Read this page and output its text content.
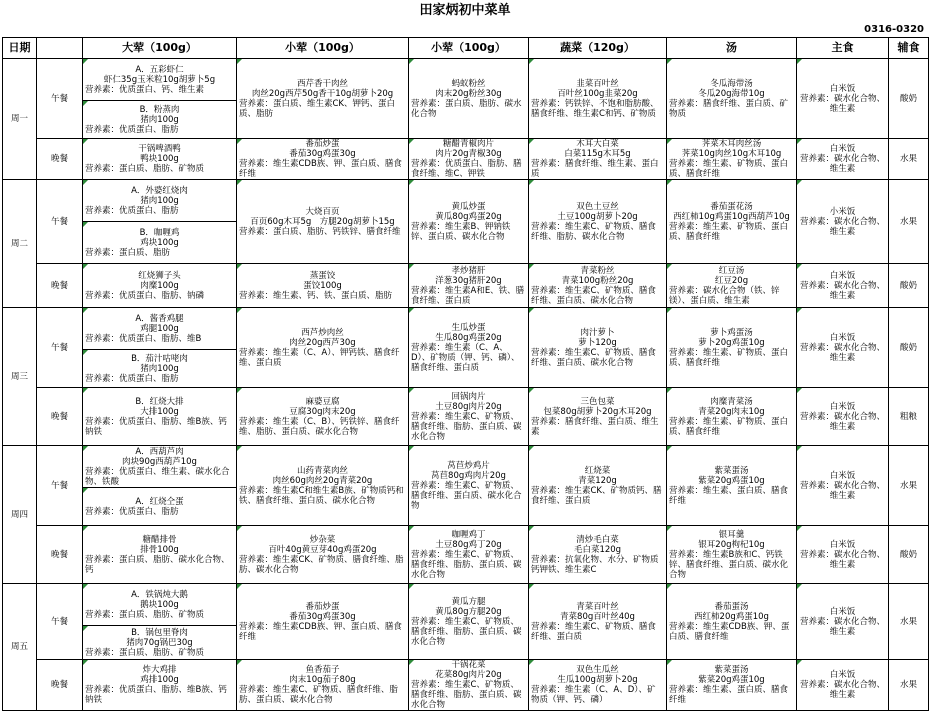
田家炳初中菜单
0316-0320
日期		大荤（100g）	小荤（100g）	小荤（100g）	蔬菜（120g）	汤	主食	辅食
周一	午餐	A．五彩虾仁
虾仁35g玉米粒10g胡萝卜5g
营养素：优质蛋白、钙、维生素	西芹香干肉丝
肉丝20g西芹50g香干10g胡萝卜20g
营养素：蛋白质、维生素CK、钾钙、蛋白质、脂肪	蚂蚁粉丝
肉末20g粉丝30g
营养素：蛋白质、脂肪、碳水化合物	韭菜百叶丝
百叶丝100g韭菜20g
营养素：钙铁锌、不饱和脂肪酸、膳食纤维、维生素C和钙、矿物质	冬瓜海带汤
冬瓜20g海带10g
营养素：膳食纤维、蛋白质、矿物质	白米饭
营养素：碳水化合物、维生素	酸奶

		B．粉蒸肉
猪肉100g
营养素：优质蛋白、脂肪						

	晚餐	干锅啤酒鸭
鸭块100g
营养素：蛋白质、脂肪、矿物质	番茄炒蛋
番茄30g鸡蛋30g
营养素：维生素CDB族、钾、蛋白质、膳食纤维	糖醋青椒肉片
肉片20g青椒30g
营养素：优质蛋白、脂肪、膳食纤维、维C、钾铁	木耳大白菜
白菜115g木耳5g
营养素：膳食纤维、维生素、蛋白质	荠菜木耳肉丝汤
荠菜10g肉丝10g木耳10g
营养素：维生素、矿物质、蛋白质、膳食纤维	白米饭
营养素：碳水化合物、维生素	水果
周二	午餐	A．外婆红烧肉
猪肉100g
营养素：优质蛋白、脂肪	大烧百页
百页60g木耳5g　方腿20g胡萝卜15g
营养素：蛋白质、脂肪、钙铁锌、膳食纤维	黄瓜炒蛋
黄瓜80g鸡蛋20g
营养素：维生素B、钾钠铁锌、蛋白质、碳水化合物	双色土豆丝
土豆100g胡萝卜20g
营养素：维生素C、矿物质、膳食纤维、脂肪、碳水化合物	番茄蛋花汤
西红柿10g鸡蛋10g西葫芦10g
营养素：维生素、矿物质、蛋白质、膳食纤维	小米饭
营养素：碳水化合物、维生素	水果

		B．咖喱鸡
鸡块100g
营养素：蛋白质、脂肪						

	晚餐	红烧狮子头
肉糜100g
营养素：优质蛋白、脂肪、钠磷	蒸蛋饺
蛋饺100g
营养素：维生素、钙、铁、蛋白质、脂肪	孝炒猪肝
洋葱30g猪肝20g
营养素：维生素A和E、铁、膳食纤维、蛋白质	青菜粉丝
青菜100g粉丝20g
营养素：维生素C、矿物质、膳食纤维、蛋白质、碳水化合物	红豆汤
红豆20g
营养素：碳水化合物（铁、锌镁）、蛋白质、维生素	白米饭
营养素：碳水化合物、维生素	酸奶
周三	午餐	A．酱香鸡腿
鸡腿100g
营养素：优质蛋白、脂肪、维B	西芦炒肉丝
肉丝20g西芦30g
营养素：维生素（C、A）、钾钙铁、膳食纤维、蛋白质	生瓜炒蛋
生瓜80g鸡蛋20g
营养素：维生素（C、A、D）、矿物质（钾、钙、磷）、膳食纤维、蛋白质	肉汁萝卜
萝卜120g
营养素：维生素C、矿物质、膳食纤维、蛋白质、碳水化合物	萝卜鸡蛋汤
萝卜20g鸡蛋10g
营养素：维生素、矿物质、蛋白质、膳食纤维	白米饭
营养素：碳水化合物、维生素	酸奶

		B．茄汁咕咾肉
猪肉100g
营养素：优质蛋白、脂肪						

	晚餐	B．红烧大排
大排100g
营养素：优质蛋白、脂肪、维B族、钙钠铁	麻婆豆腐
豆腐30g肉末20g
营养素：维生素（C、B）、钙铁锌、膳食纤维、脂肪、蛋白质、碳水化合物	回锅肉片
土豆80g肉片20g
营养素：维生素C、矿物质、膳食纤维、脂肪、蛋白质、碳水化合物	三色包菜
包菜80g胡萝卜20g木耳20g
营养素：膳食纤维、蛋白质、维生素	肉糜青菜汤
青菜20g肉末10g
营养素：维生素、矿物质、蛋白质、膳食纤维	白米饭
营养素：碳水化合物、维生素	粗粮
周四	午餐	A．西葫芦肉
肉块90g西葫芦10g
营养素：优质蛋白、维生素、碳水化合物、铁酸	山药青菜肉丝
肉丝60g肉丝20g青菜20g
营养素：维生素C和维生素B族、矿物质钙和铁、膳食纤维、蛋白质、碳水化合物	莴苣炒鸡片
莴苣80g鸡肉片20g
营养素：维生素C、矿物质、膳食纤维、蛋白质、碳水化合物	红烧菜
青菜120g
营养素：维生素CK、矿物质钙、膳食纤维、蛋白质	紫菜蛋汤
紫菜20g鸡蛋10g
营养素：维生素、蛋白质、膳食纤维	白米饭
营养素：碳水化合物、维生素	水果

		A．红烧仝蛋
营养素：优质蛋白、脂肪						

	晚餐	糖醋排骨
排骨100g
营养素：蛋白质、脂肪、碳水化合物、钙	炒杂菜
百叶40g黄豆芽40g鸡蛋20g
营养素：维生素CK、矿物质、膳食纤维、脂肪、碳水化合物	咖喱鸡丁
土豆80g鸡丁20g
营养素：维生素C、矿物质、膳食纤维、脂肪、蛋白质、碳水化合物	清炒毛白菜
毛白菜120g
营养素：抗氧化物、水分、矿物质钙钾铁、维生素C	银耳羹
银耳20g枸杞10g
营养素：维生素B族和C、钙铁锌、膳食纤维、蛋白质、碳水化合物	白米饭
营养素：碳水化合物、维生素	酸奶
周五	午餐	A．铁锅炖大鹅
鹅块100g
营养素：蛋白质、脂肪、矿物质	番茄炒蛋
番茄30g鸡蛋30g
营养素：维生素CDB族、钾、蛋白质、膳食纤维	黄瓜方腿
黄瓜80g方腿20g
营养素：维生素C、矿物质、膳食纤维、脂肪、蛋白质、碳水化合物	青菜百叶丝
青菜80g百叶丝40g
营养素：维生素C、矿物质、膳食纤维、蛋白质	番茄蛋汤
西红柿20g鸡蛋10g
营养素：维生素CDB族、钾、蛋白质、膳食纤维	白米饭
营养素：碳水化合物、维生素	水果

		B．锅包里脊肉
猪肉70g锅巴30g
营养素：蛋白质、脂肪、矿物质						

	晚餐	炸大鸡排
鸡排100g
营养素：优质蛋白、脂肪、维B族、钙钠铁	鱼香茄子
肉末10g茄子80g
营养素：维生素C、矿物质、膳食纤维、脂肪、蛋白质、碳水化合物	干锅花菜
花菜80g肉片20g
营养素：维生素C、矿物质、膳食纤维、脂肪、蛋白质、碳水化合物	双色生瓜丝
生瓜100g胡萝卜20g
营养素：维生素（C、A、D）、矿物质（钾、钙、磷）	紫菜蛋汤
紫菜20g鸡蛋10g
营养素：维生素、蛋白质、膳食纤维	白米饭
营养素：碳水化合物、维生素	水果
